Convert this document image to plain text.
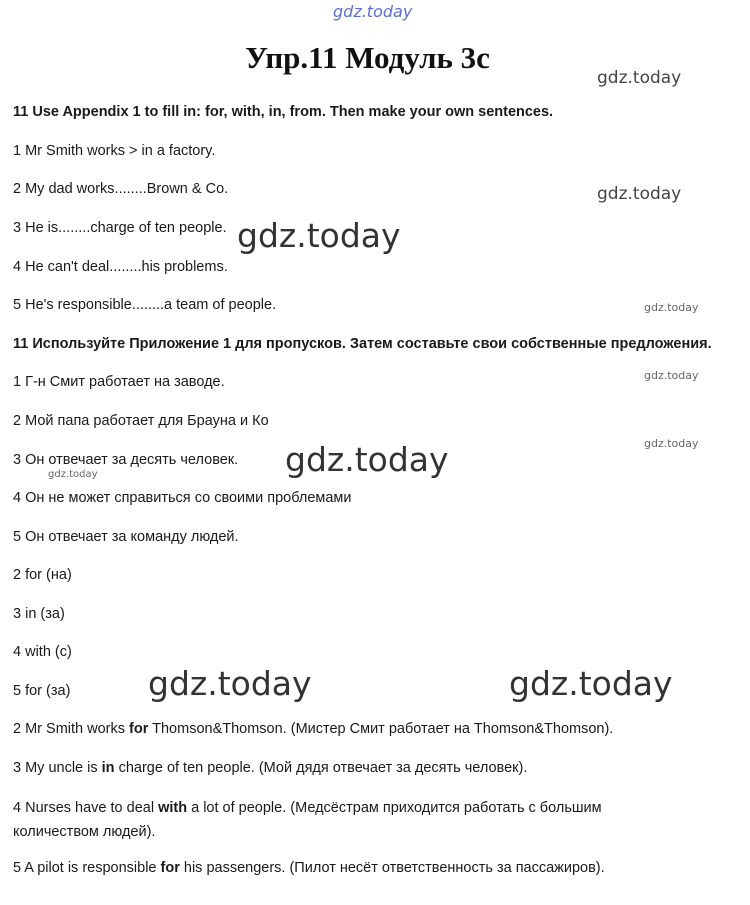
gdz.today
gdz.today
gdz.today
gdz.today
gdz.today
gdz.today
gdz.today
gdz.today
gdz.today
gdz.today	gdz.today
Упр.11 Модуль 3с
11 Use Appendix 1 to fill in: for, with, in, from. Then make your own sentences.
1 Mr Smith works > in a factory.
2 My dad works........Brown & Co.
3 He is........charge of ten people.
4 He can't deal........his problems.
5 He's responsible........a team of people.
11 Используйте Приложение 1 для пропусков. Затем составьте свои собственные предложения.
1 Г-н Смит работает на заводе.
2 Мой папа работает для Брауна и Ко
3 Он отвечает за десять человек.
4 Он не может справиться со своими проблемами
5 Он отвечает за команду людей.
2 for (на)
3 in (за)
4 with (с)
5 for (за)
2 Mr Smith works for Thomson&Thomson. (Мистер Смит работает на Thomson&Thomson).
3 My uncle is in charge of ten people. (Мой дядя отвечает за десять человек).
4 Nurses have to deal with a lot of people. (Медсёстрам приходится работать с большим количеством людей).
5 A pilot is responsible for his passengers. (Пилот несёт ответственность за пассажиров).
